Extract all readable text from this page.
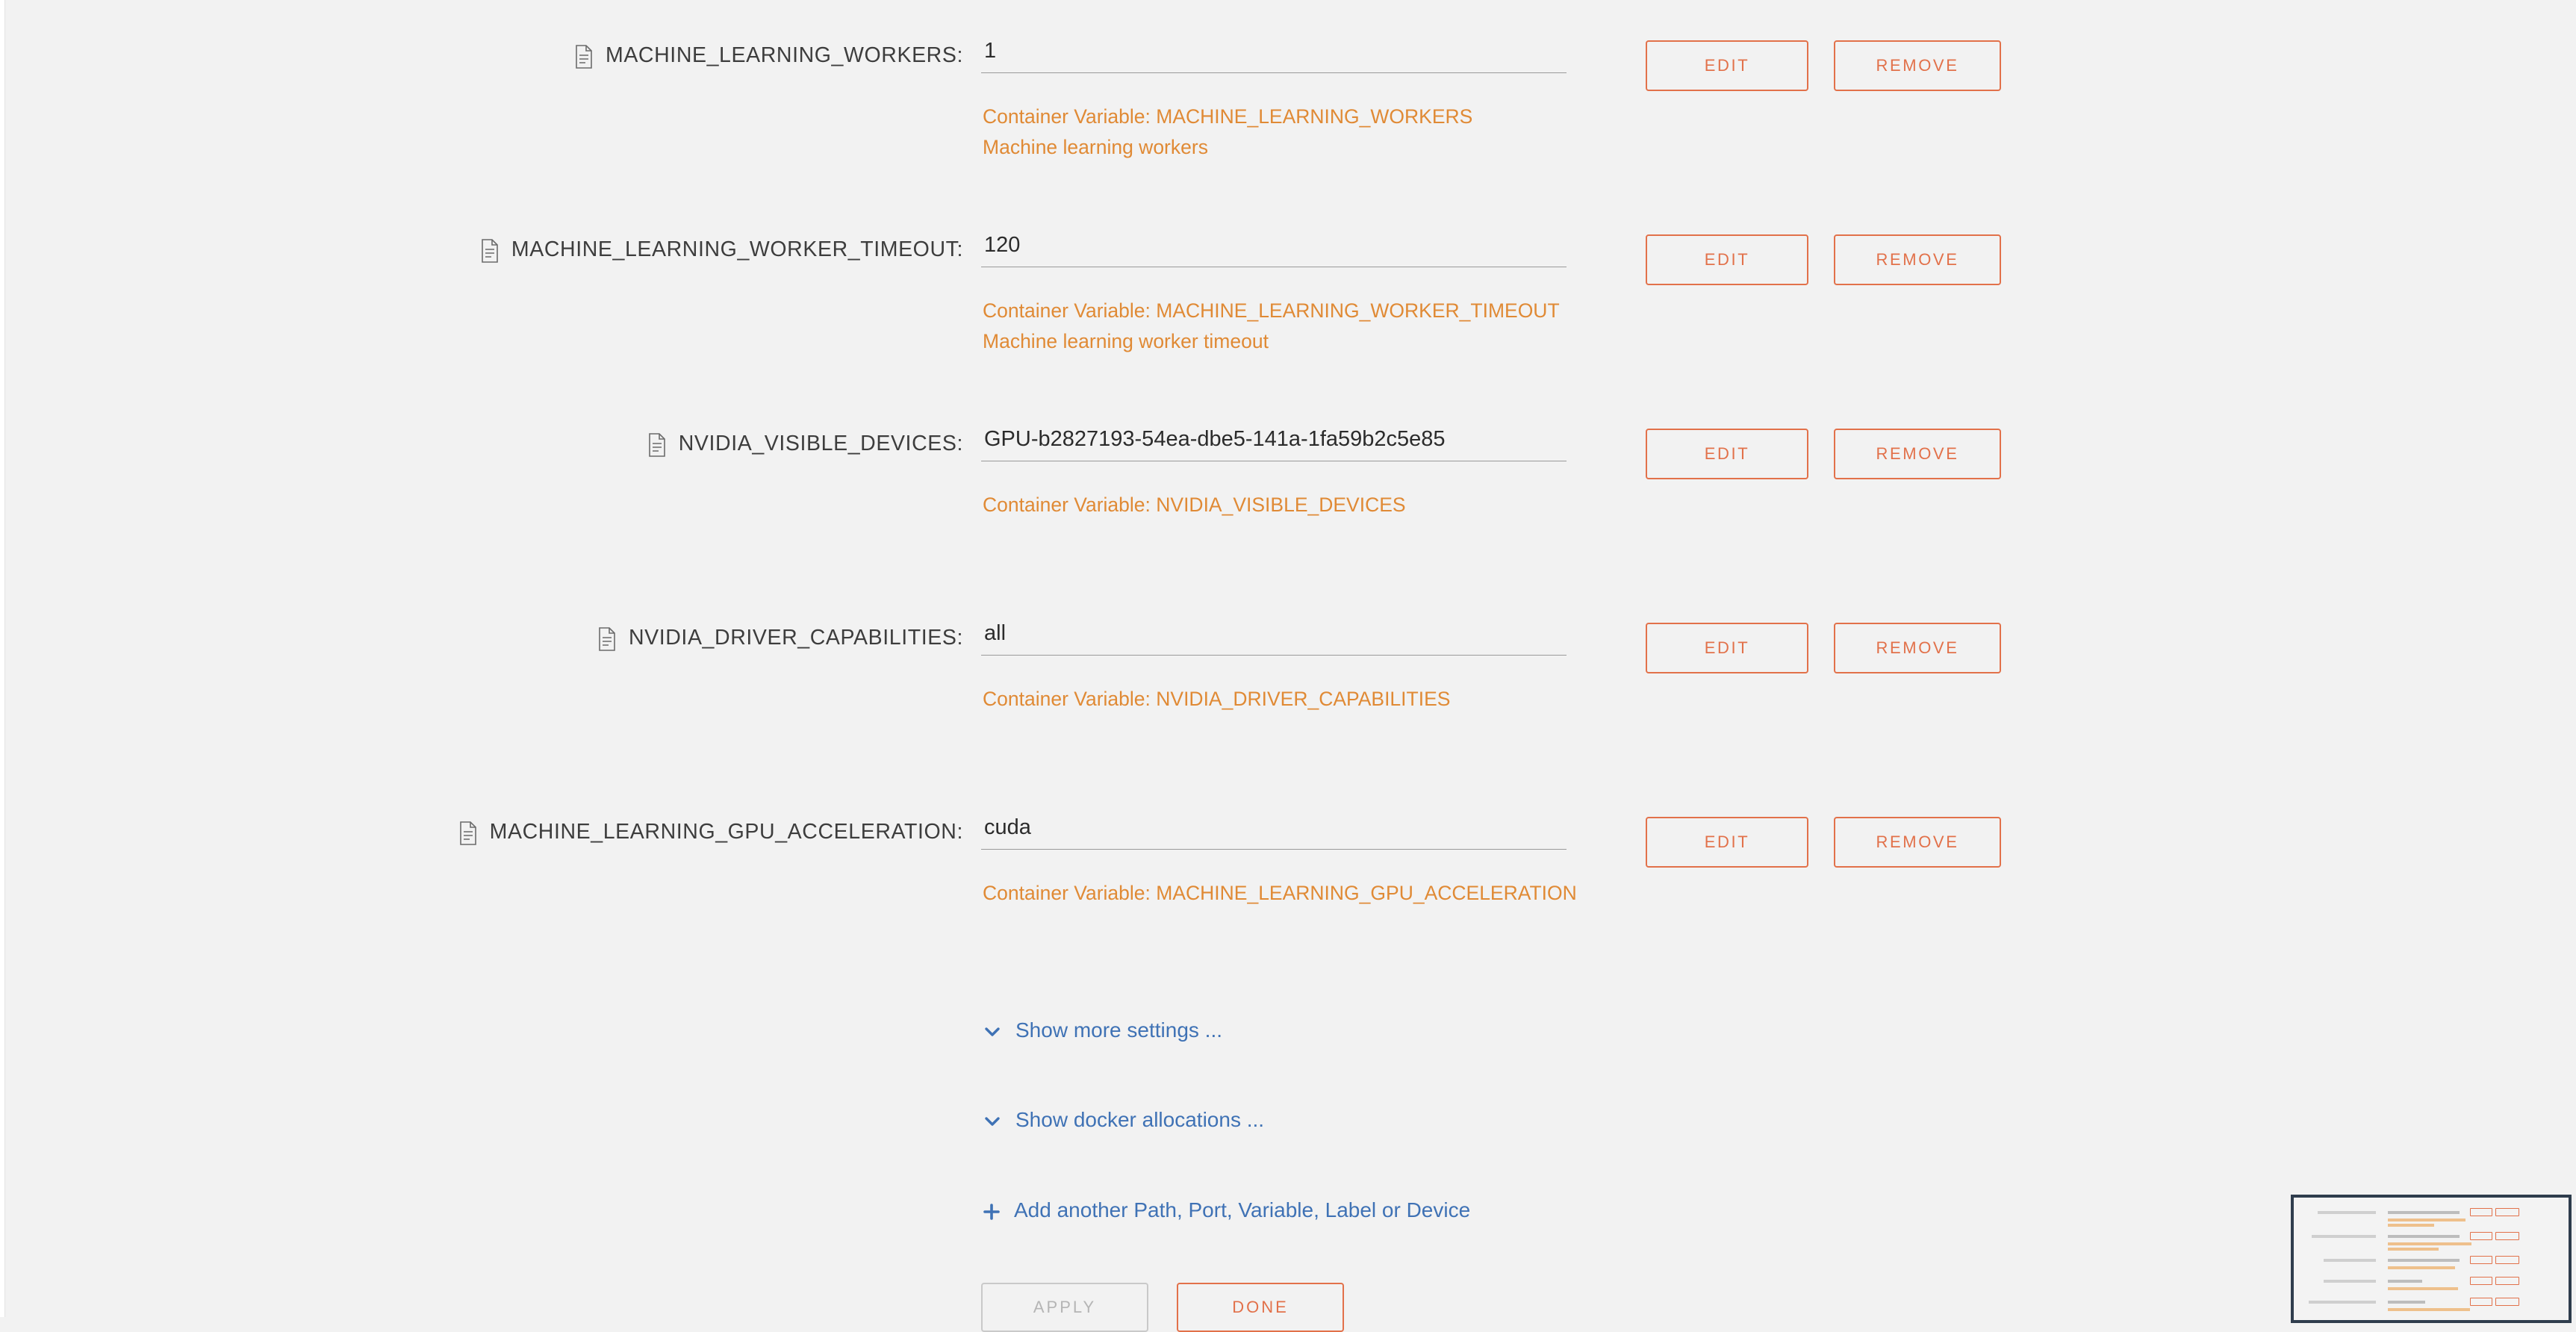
MACHINE_LEARNING_WORKERS:
1
Container Variable: MACHINE_LEARNING_WORKERS
Machine learning workers
EDIT	REMOVE
MACHINE_LEARNING_WORKER_TIMEOUT:
120
Container Variable: MACHINE_LEARNING_WORKER_TIMEOUT
Machine learning worker timeout
EDIT	REMOVE
NVIDIA_VISIBLE_DEVICES:
GPU-b2827193-54ea-dbe5-141a-1fa59b2c5e85
Container Variable: NVIDIA_VISIBLE_DEVICES
EDIT	REMOVE
NVIDIA_DRIVER_CAPABILITIES:
all
Container Variable: NVIDIA_DRIVER_CAPABILITIES
EDIT	REMOVE
MACHINE_LEARNING_GPU_ACCELERATION:
cuda
Container Variable: MACHINE_LEARNING_GPU_ACCELERATION
EDIT	REMOVE
Show more settings ...
Show docker allocations ...
Add another Path, Port, Variable, Label or Device
APPLY	DONE
